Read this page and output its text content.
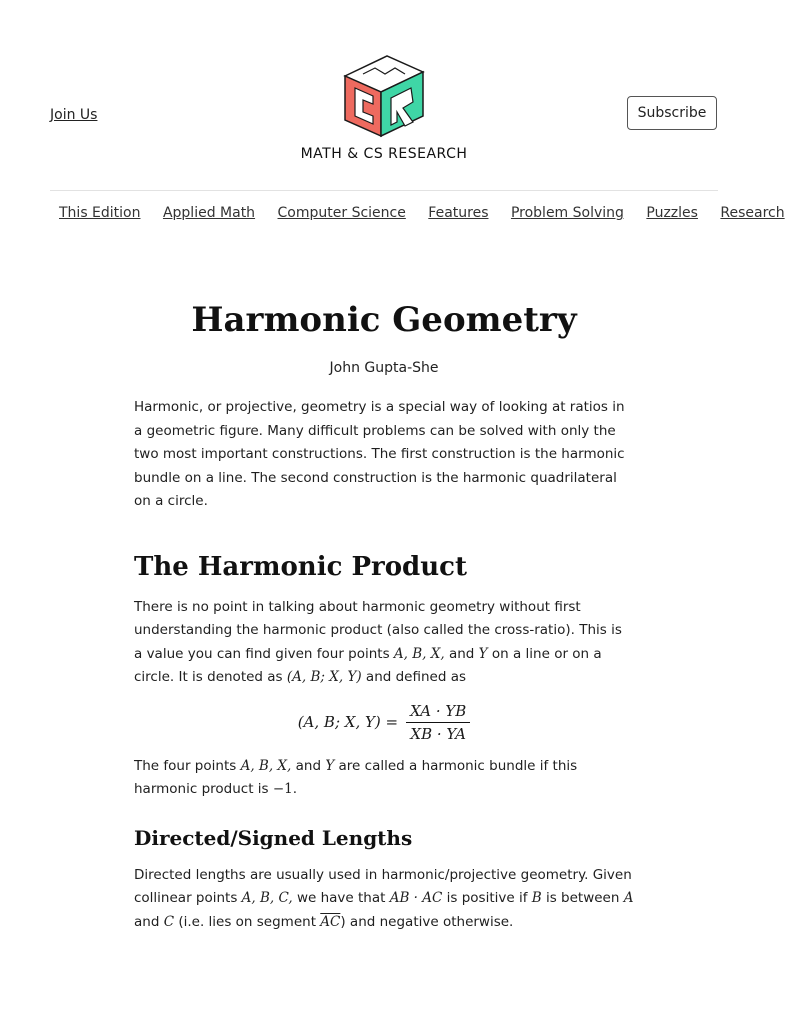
Join Us
MATH & CS RESEARCH
Subscribe
This Edition Applied Math Computer Science Features Problem Solving Puzzles Research
Harmonic Geometry
John Gupta-She

Harmonic, or projective, geometry is a special way of looking at ratios in a geometric figure. Many difficult problems can be solved with only the two most important constructions. The first construction is the harmonic bundle on a line. The second construction is the harmonic quadrilateral on a circle.

The Harmonic Product

There is no point in talking about harmonic geometry without first understanding the harmonic product (also called the cross-ratio). This is a value you can find given four points A, B, X, and Y on a line or on a circle. It is denoted as (A, B; X, Y) and defined as

(A, B; X, $Y) = \frac{XA \cdot YB}{XB \cdot YA}$

The four points A, B, X, and Y are called a harmonic bundle if this harmonic product is −1.

Directed/Signed Lengths

Directed lengths are usually used in harmonic/projective geometry. Given collinear points A, B, C, we have that AB · AC is positive if B is between A and C (i.e. lies on segment $\overline{AC}$) and negative otherwise.
